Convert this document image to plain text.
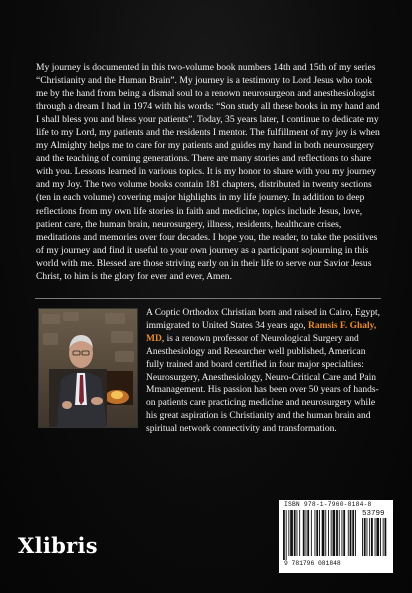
My journey is documented in this two-volume book numbers 14th and 15th of my series “Christianity and the Human Brain”. My journey is a testimony to Lord Jesus who took me by the hand from being a dismal soul to a renown neurosurgeon and anesthesiologist through a dream I had in 1974 with his words: “Son study all these books in my hand and I shall bless you and bless your patients”. Today, 35 years later, I continue to dedicate my life to my Lord, my patients and the residents I mentor. The fulfillment of my joy is when my Almighty helps me to care for my patients and guides my hand in both neurosurgery and the teaching of coming generations. There are many stories and reflections to share with you. Lessons learned in various topics. It is my honor to share with you my journey and my Joy. The two volume books contain 181 chapters, distributed in twenty sections (ten in each volume) covering major highlights in my life journey. In addition to deep reflections from my own life stories in faith and medicine, topics include Jesus, love, patient care, the human brain, neurosurgery, illness, residents, healthcare crises, meditations and memories over four decades. I hope you, the reader, to take the positives of my journey and find it useful to your own journey as a participant sojourning in this world with me. Blessed are those striving early on in their life to serve our Savior Jesus Christ, to him is the glory for ever and ever, Amen.

A Coptic Orthodox Christian born and raised in Cairo, Egypt, immigrated to United States 34 years ago, Ramsis F. Ghaly, MD, is a renown professor of Neurological Surgery and Anesthesiology and Researcher well published, American fully trained and board certified in four major specialties: Neurosurgery, Anesthesiology, Neuro-Critical Care and Pain Mmanagement. His passion has been over 50 years of hands-on patients care practicing medicine and neurosurgery while his great aspiration is Christianity and the human brain and spiritual network connectivity and transformation.

Xlibris
ISBN 978-1-7960-8184-8
53799
9 781796 081848
